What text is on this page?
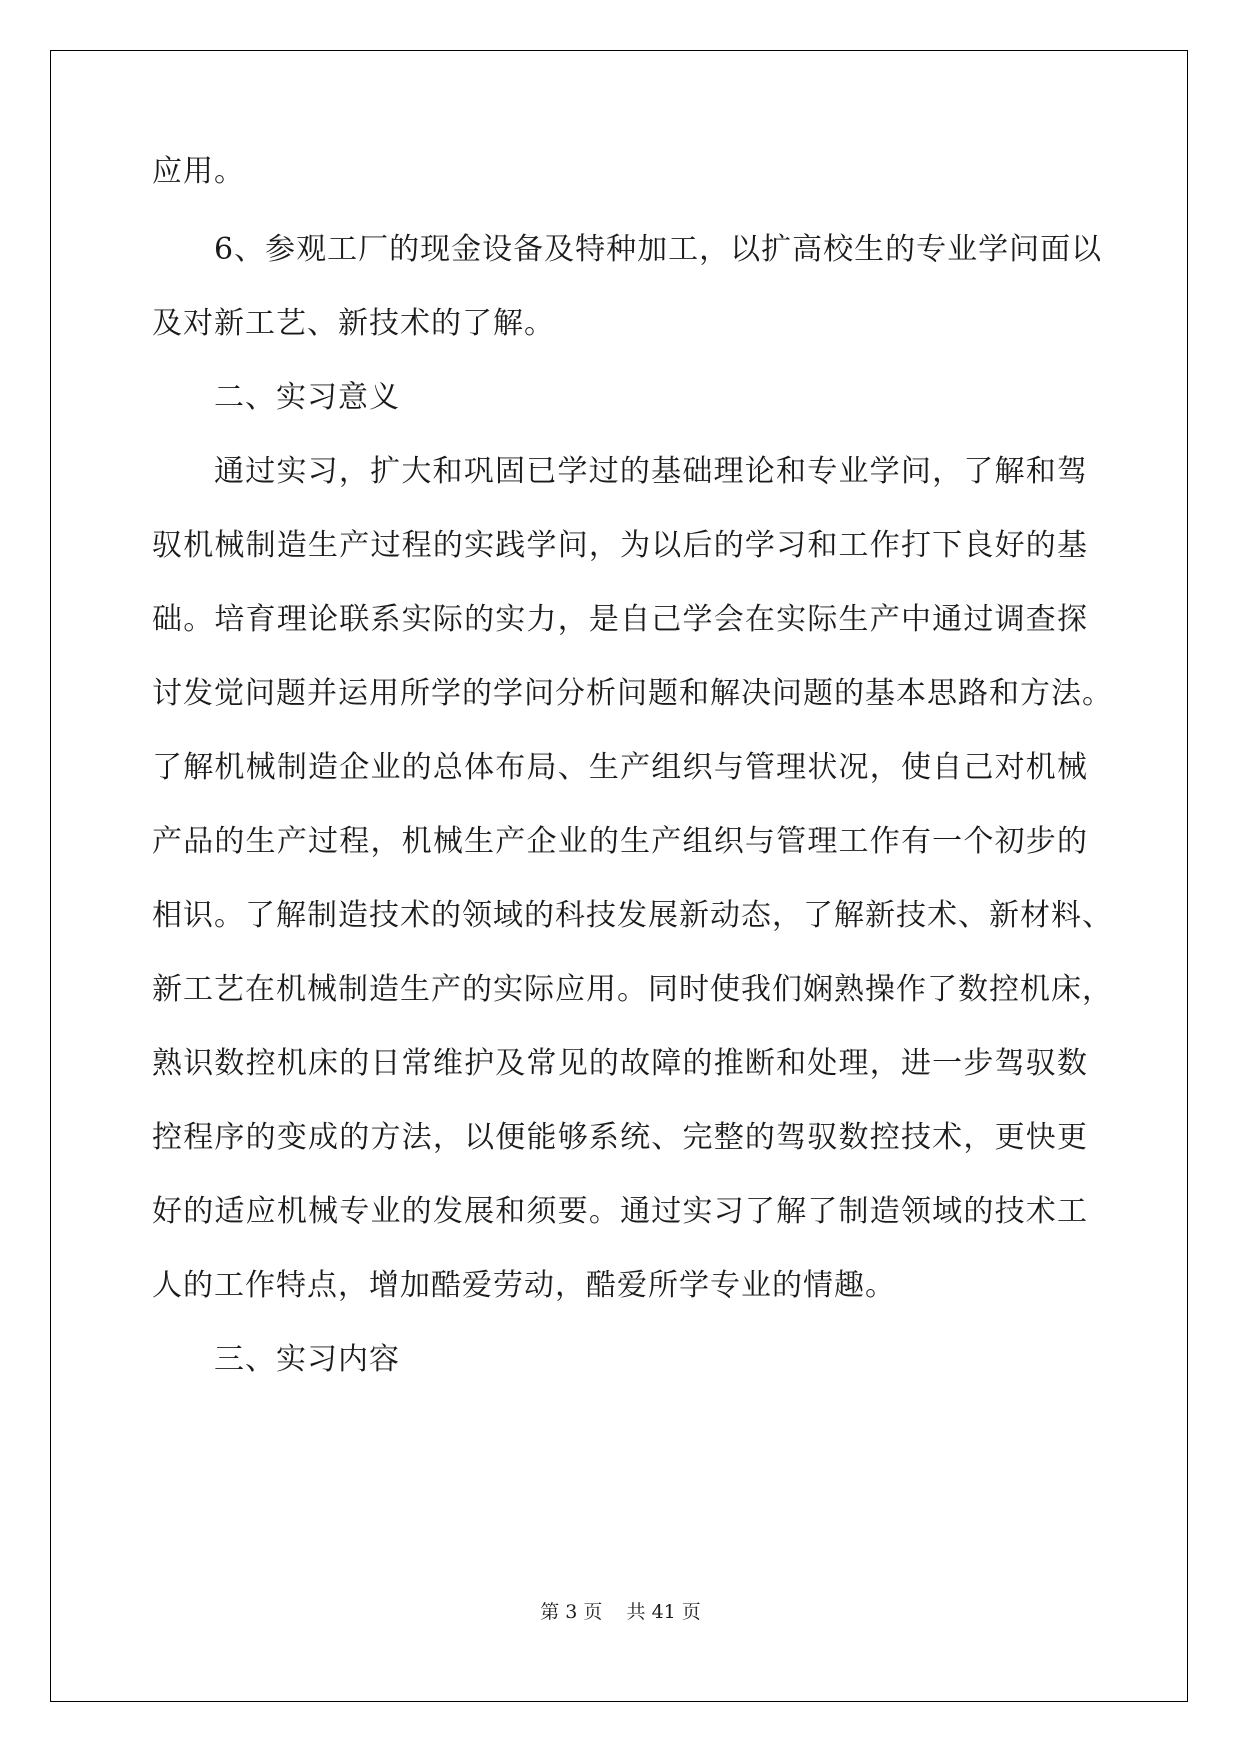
应用。
6、参观工厂的现金设备及特种加工，以扩高校生的专业学问面以
及对新工艺、新技术的了解。
二、实习意义
通过实习，扩大和巩固已学过的基础理论和专业学问，了解和驾
驭机械制造生产过程的实践学问，为以后的学习和工作打下良好的基
础。培育理论联系实际的实力，是自己学会在实际生产中通过调查探
讨发觉问题并运用所学的学问分析问题和解决问题的基本思路和方法。
了解机械制造企业的总体布局、生产组织与管理状况，使自己对机械
产品的生产过程，机械生产企业的生产组织与管理工作有一个初步的
相识。了解制造技术的领域的科技发展新动态，了解新技术、新材料、
新工艺在机械制造生产的实际应用。同时使我们娴熟操作了数控机床，
熟识数控机床的日常维护及常见的故障的推断和处理，进一步驾驭数
控程序的变成的方法，以便能够系统、完整的驾驭数控技术，更快更
好的适应机械专业的发展和须要。通过实习了解了制造领域的技术工
人的工作特点，增加酷爱劳动，酷爱所学专业的情趣。
三、实习内容
第 3 页    共 41 页
